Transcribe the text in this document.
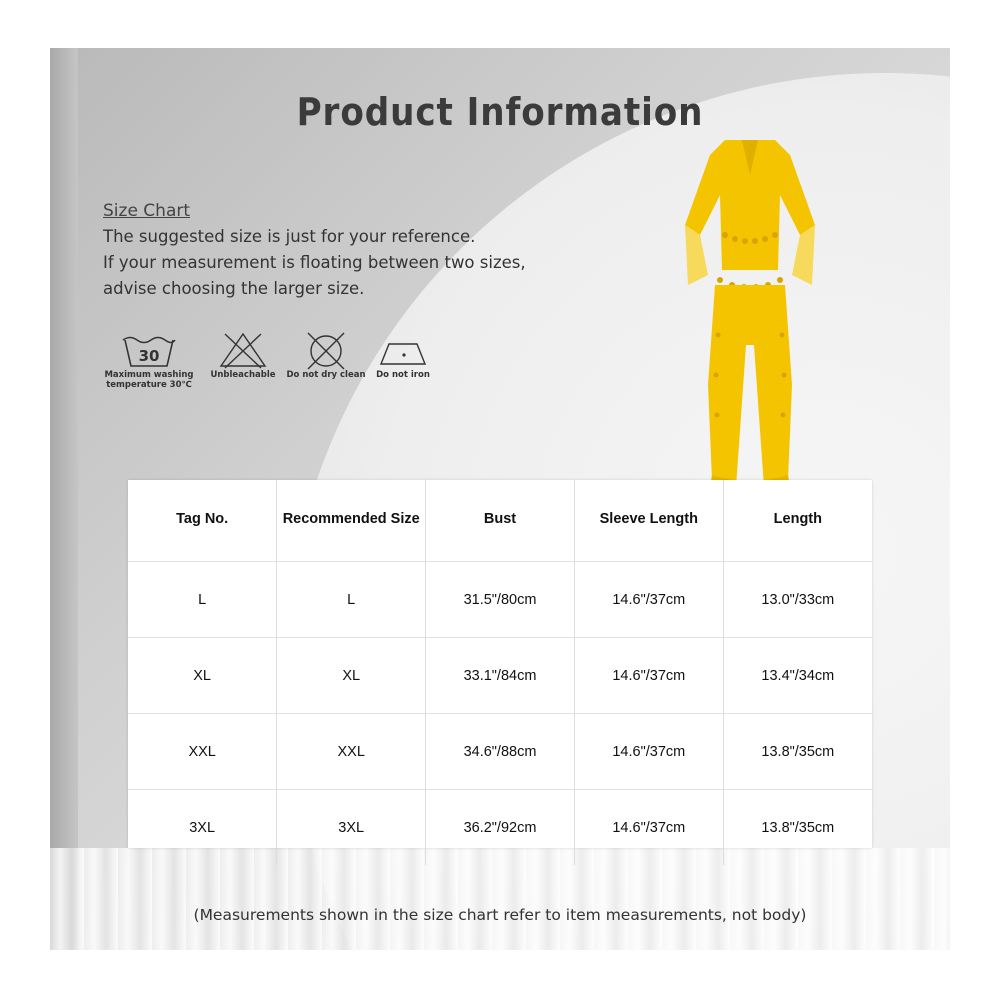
Product Information
Size Chart
The suggested size is just for your reference.
If your measurement is floating between two sizes,
advise choosing the larger size.
30
Maximum washing
temperature 30℃
Unbleachable	Do not dry clean	Do not iron
Tag No.	Recommended Size	Bust	Sleeve Length	Length
L	L	31.5"/80cm	14.6"/37cm	13.0"/33cm
XL	XL	33.1"/84cm	14.6"/37cm	13.4"/34cm
XXL	XXL	34.6"/88cm	14.6"/37cm	13.8"/35cm
3XL	3XL	36.2"/92cm	14.6"/37cm	13.8"/35cm
(Measurements shown in the size chart refer to item measurements, not body)
